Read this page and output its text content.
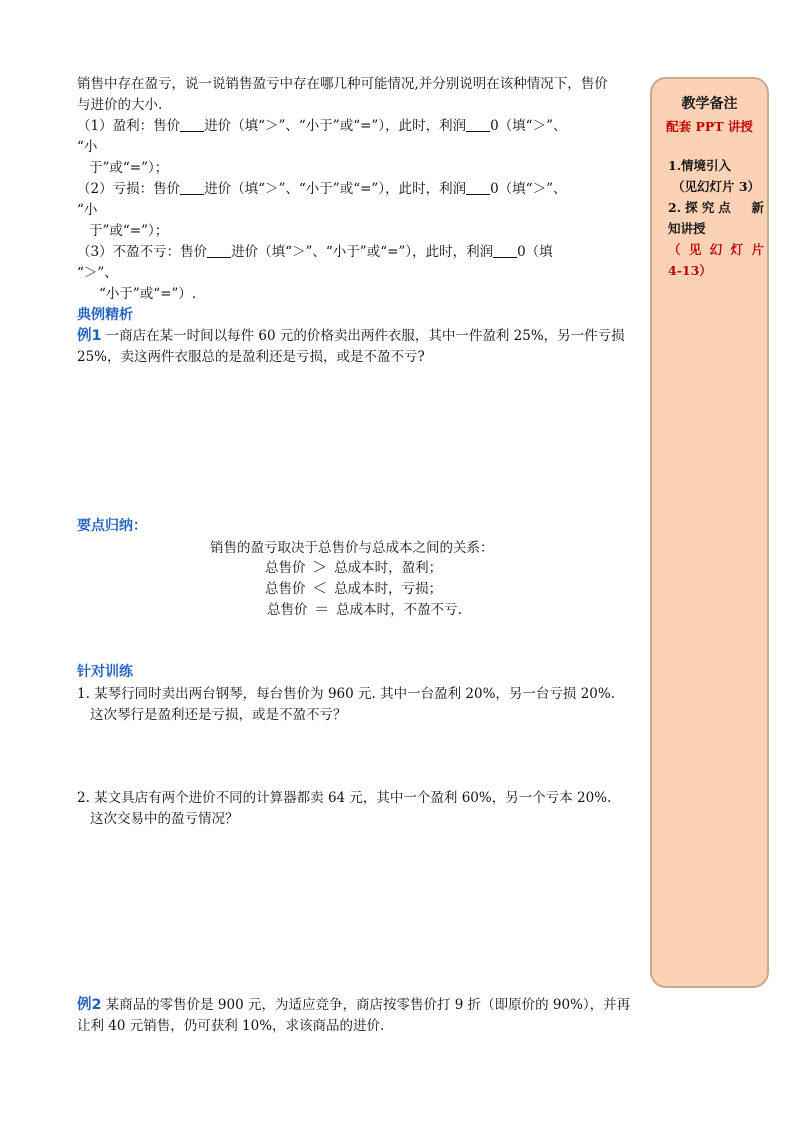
销售中存在盈亏，说一说销售盈亏中存在哪几种可能情况,并分别说明在该种情况下，售价

与进价的大小.

（1）盈利：售价 进价（填“＞”、“小于”或“=”），此时，利润 0（填“＞”、

“小

于”或“=”）；

（2）亏损：售价 进价（填“＞”、“小于”或“=”），此时，利润 0（填“＞”、

“小

于”或“=”）；

（3）不盈不亏：售价 进价（填“＞”、“小于”或“=”），此时，利润 0（填

“＞”、

“小于”或“=”）.

典例精析

例1 一商店在某一时间以每件 60 元的价格卖出两件衣服，其中一件盈利 25%，另一件亏损

25%，卖这两件衣服总的是盈利还是亏损，或是不盈不亏?

要点归纳：
销售的盈亏取决于总售价与总成本之间的关系：
总售价 ＞ 总成本时，盈利；
总售价 ＜ 总成本时，亏损；
总售价 ＝ 总成本时，不盈不亏.
针对训练
1. 某琴行同时卖出两台钢琴，每台售价为 960 元. 其中一台盈利 20%，另一台亏损 20%.
这次琴行是盈利还是亏损，或是不盈不亏？
2. 某文具店有两个进价不同的计算器都卖 64 元，其中一个盈利 60%，另一个亏本 20%.
这次交易中的盈亏情况？
例2 某商品的零售价是 900 元，为适应竞争，商店按零售价打 9 折（即原价的 90%），并再
让利 40 元销售，仍可获利 10%，求该商品的进价.
教学备注
配套 PPT 讲授
1.情境引入
（见幻灯片 3）
2.探究点　新
知讲授
（见幻灯片
4-13）
